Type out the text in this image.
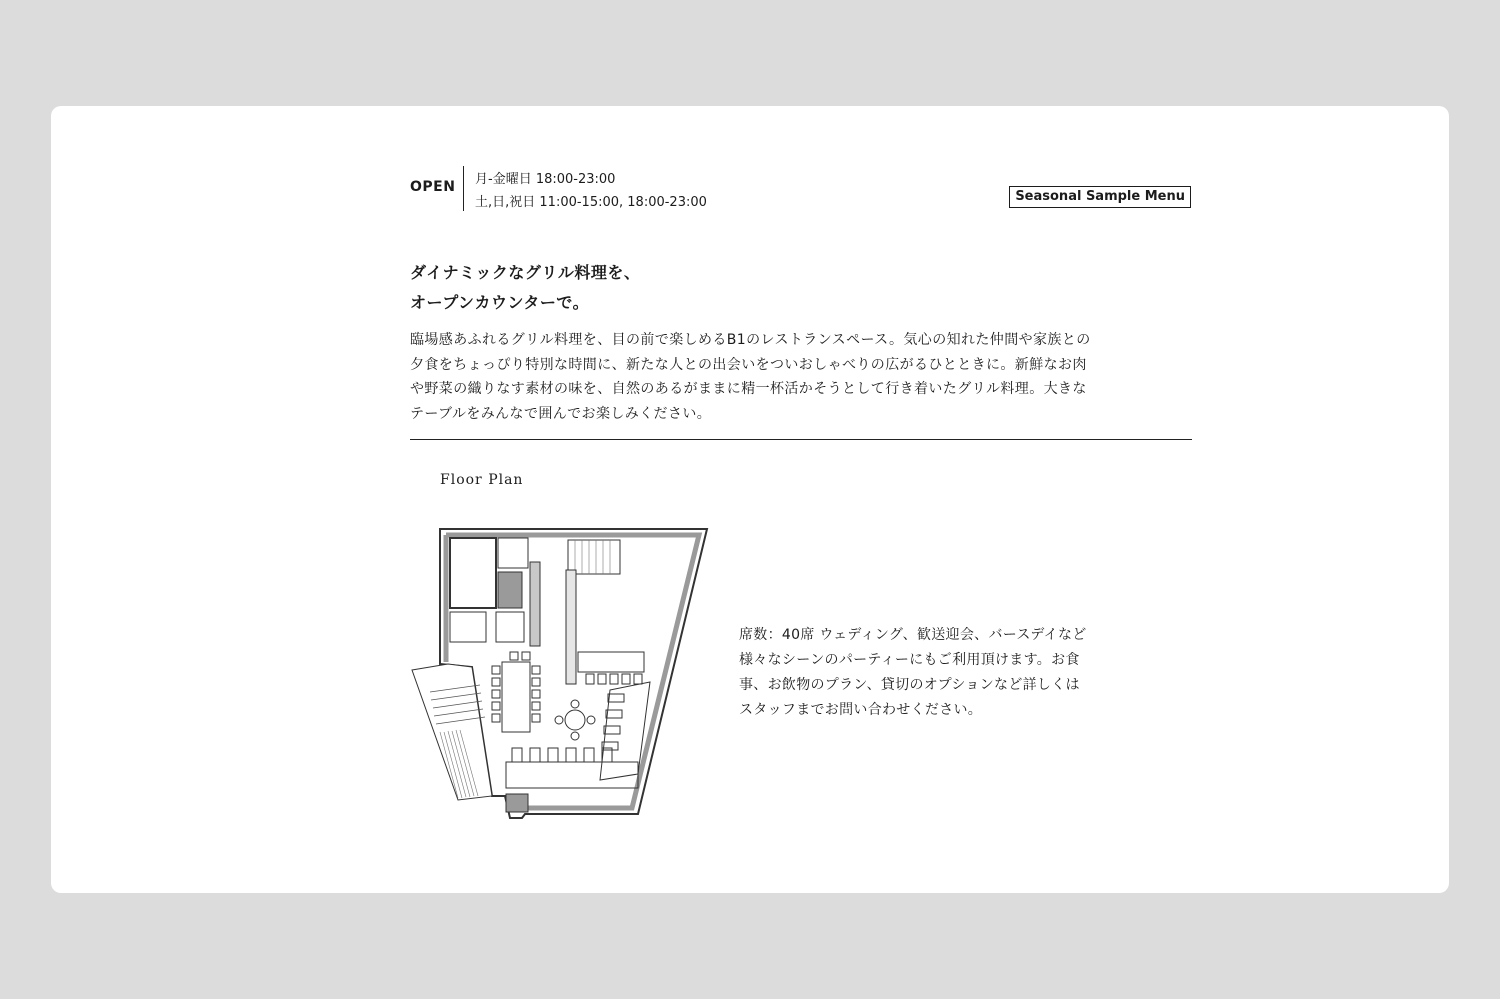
OPEN 月-金曜日 18:00-23:00
土,日,祝日 11:00-15:00, 18:00-23:00	Seasonal Sample Menu
ダイナミックなグリル料理を、
オープンカウンターで。
臨場感あふれるグリル料理を、目の前で楽しめるB1のレストランスペース。気心の知れた仲間や家族との
夕食をちょっぴり特別な時間に、新たな人との出会いをついおしゃべりの広がるひとときに。新鮮なお肉
や野菜の織りなす素材の味を、自然のあるがままに精一杯活かそうとして行き着いたグリル料理。大きな
テーブルをみんなで囲んでお楽しみください。
Floor Plan
席数：40席 ウェディング、歓送迎会、バースデイなど
様々なシーンのパーティーにもご利用頂けます。お食
事、お飲物のプラン、貸切のオプションなど詳しくは
スタッフまでお問い合わせください。
